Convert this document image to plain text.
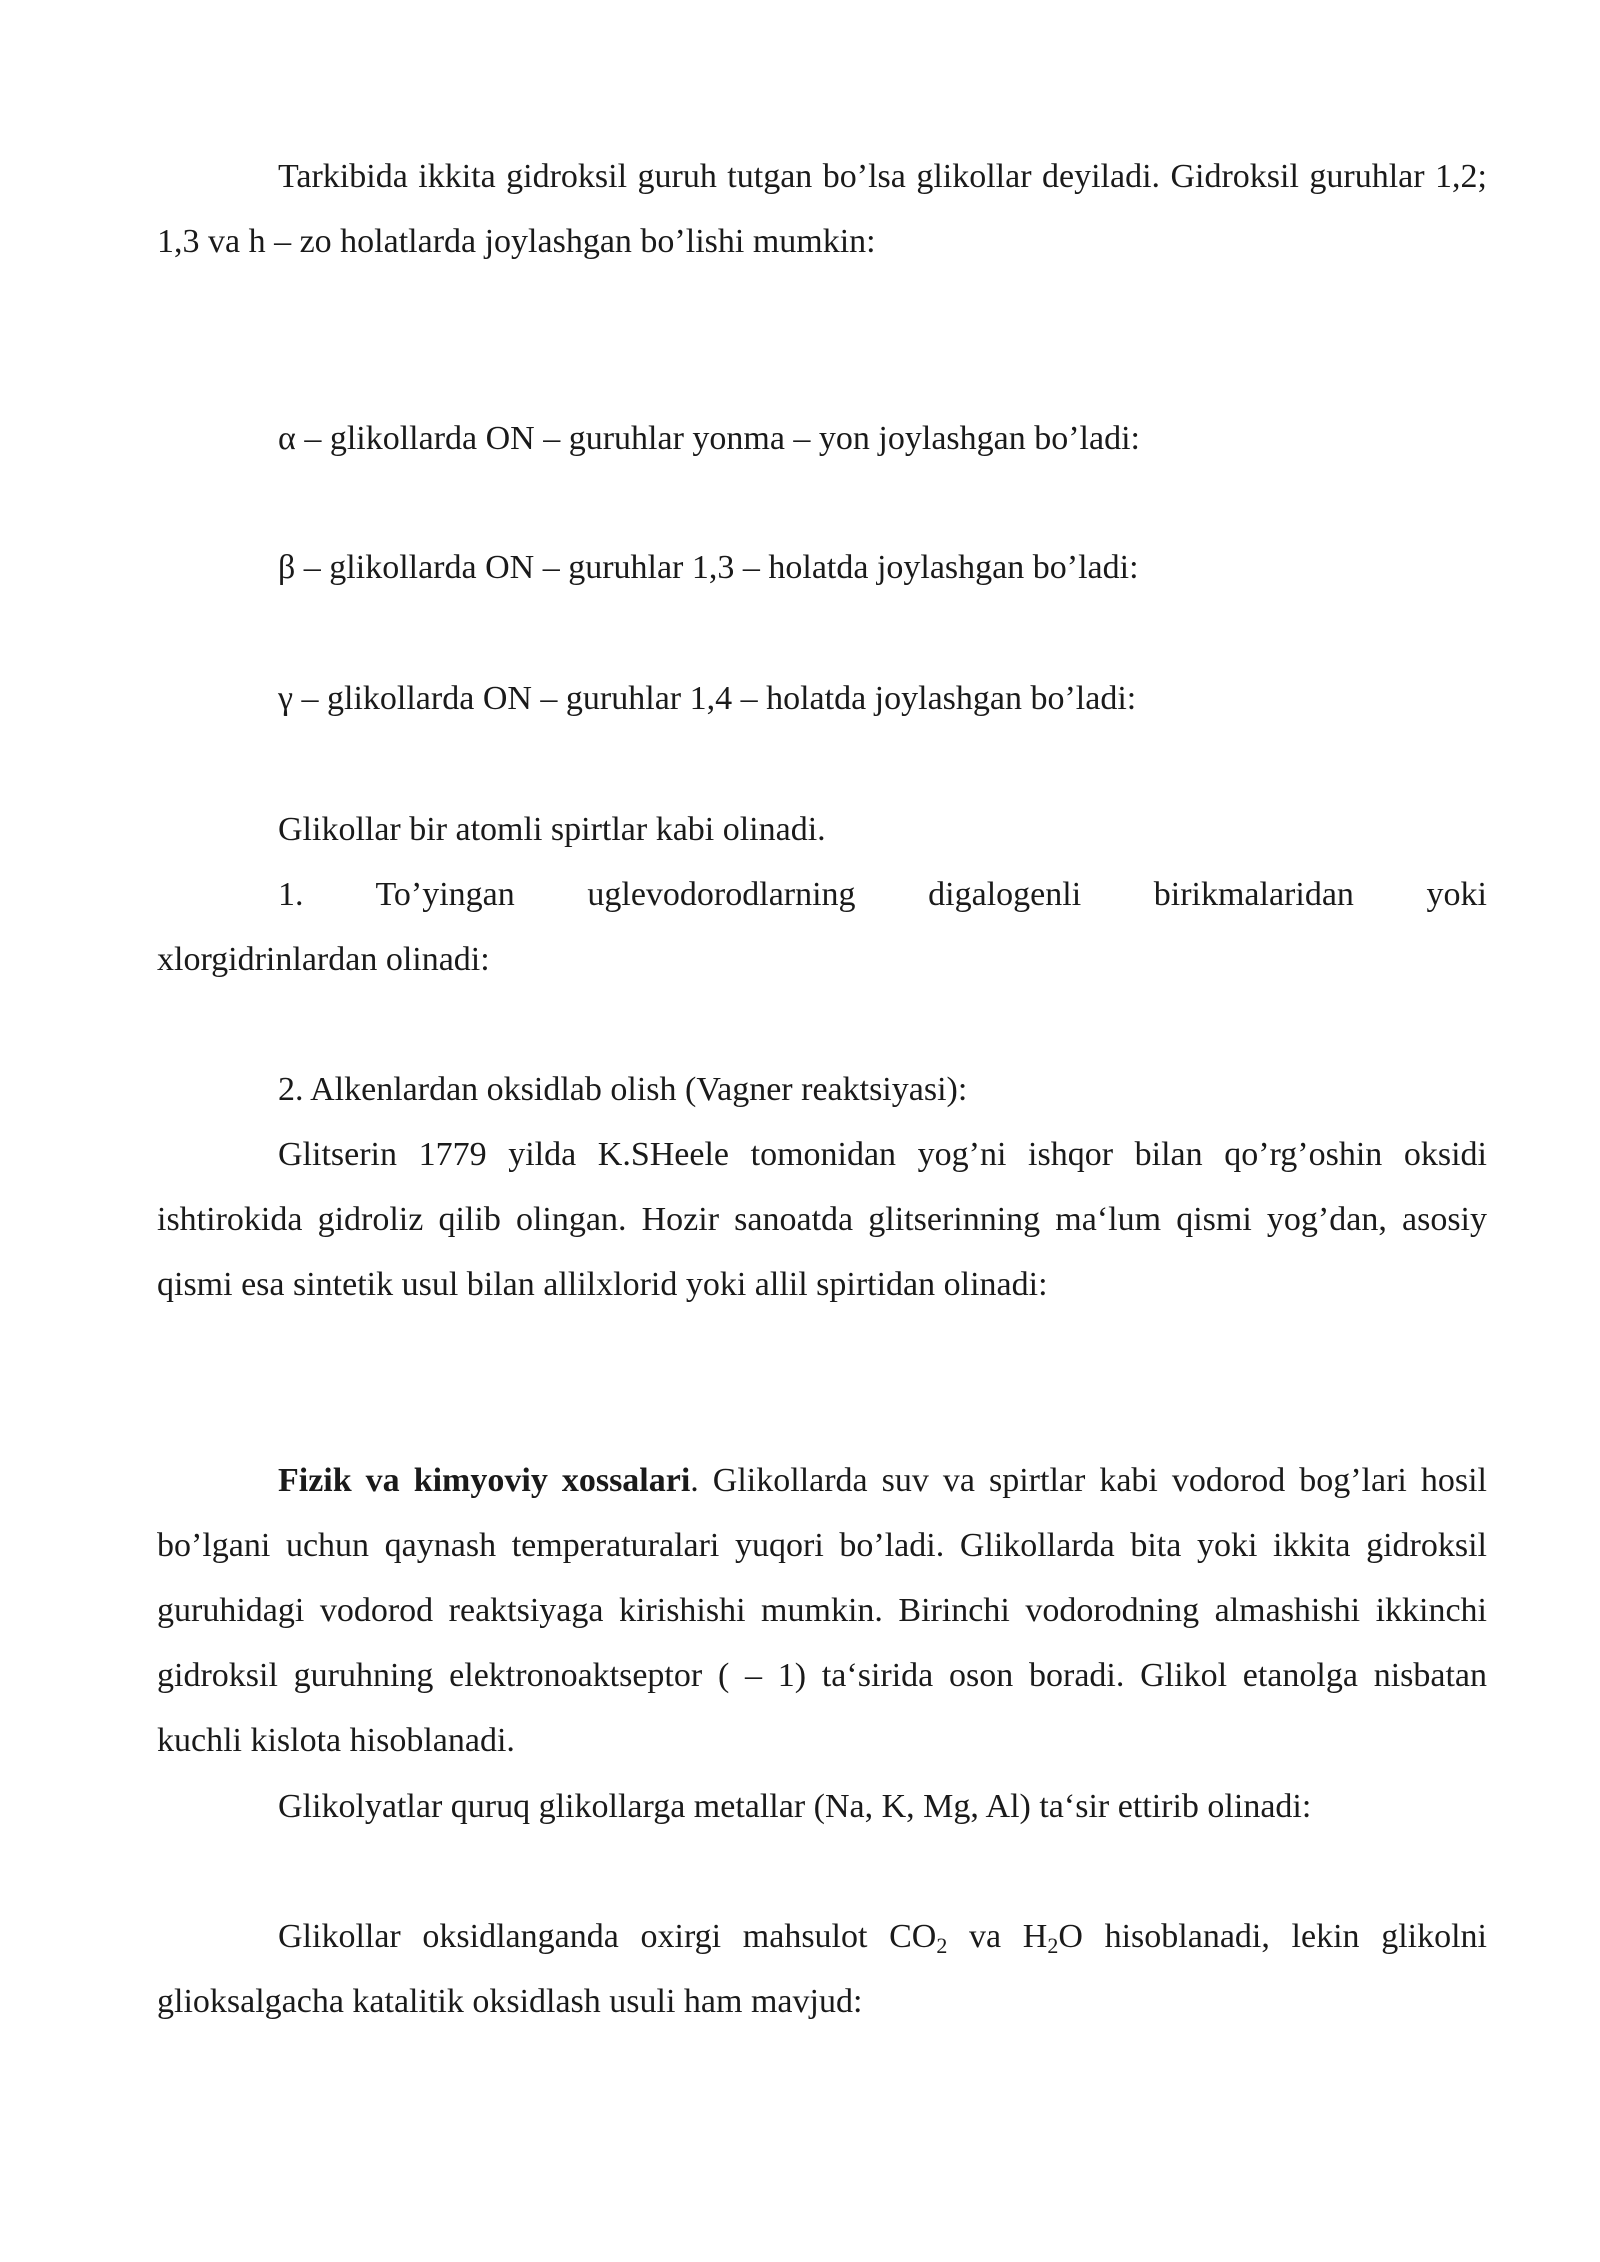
Tarkibida ikkita gidroksil guruh tutgan bo’lsa glikollar deyiladi. Gidroksil guruhlar 1,2; 1,3 va h – zo holatlarda joylashgan bo’lishi mumkin:

α – glikollarda ON – guruhlar yonma – yon joylashgan bo’ladi:

β – glikollarda ON – guruhlar 1,3 – holatda joylashgan bo’ladi:

γ – glikollarda ON – guruhlar 1,4 – holatda joylashgan bo’ladi:

Glikollar bir atomli spirtlar kabi olinadi.

1. To’yingan uglevodorodlarning digalogenli birikmalaridan yoki

xlorgidrinlardan olinadi:

2. Alkenlardan oksidlab olish (Vagner reaktsiyasi):

Glitserin 1779 yilda K.SHeele tomonidan yog’ni ishqor bilan qo’rg’oshin oksidi ishtirokida gidroliz qilib olingan. Hozir sanoatda glitserinning ma‘lum qismi yog’dan, asosiy qismi esa sintetik usul bilan allilxlorid yoki allil spirtidan olinadi:

Fizik va kimyoviy xossalari. Glikollarda suv va spirtlar kabi vodorod bog’lari hosil bo’lgani uchun qaynash temperaturalari yuqori bo’ladi. Glikollarda bita yoki ikkita gidroksil guruhidagi vodorod reaktsiyaga kirishishi mumkin. Birinchi vodorodning almashishi ikkinchi gidroksil guruhning elektronoaktseptor ( – 1) ta‘sirida oson boradi. Glikol etanolga nisbatan kuchli kislota hisoblanadi.

Glikolyatlar quruq glikollarga metallar (Na, K, Mg, Al) ta‘sir ettirib olinadi:

Glikollar oksidlanganda oxirgi mahsulot $CO_2$ va $H_2O$ hisoblanadi, lekin glikolni glioksalgacha katalitik oksidlash usuli ham mavjud:
